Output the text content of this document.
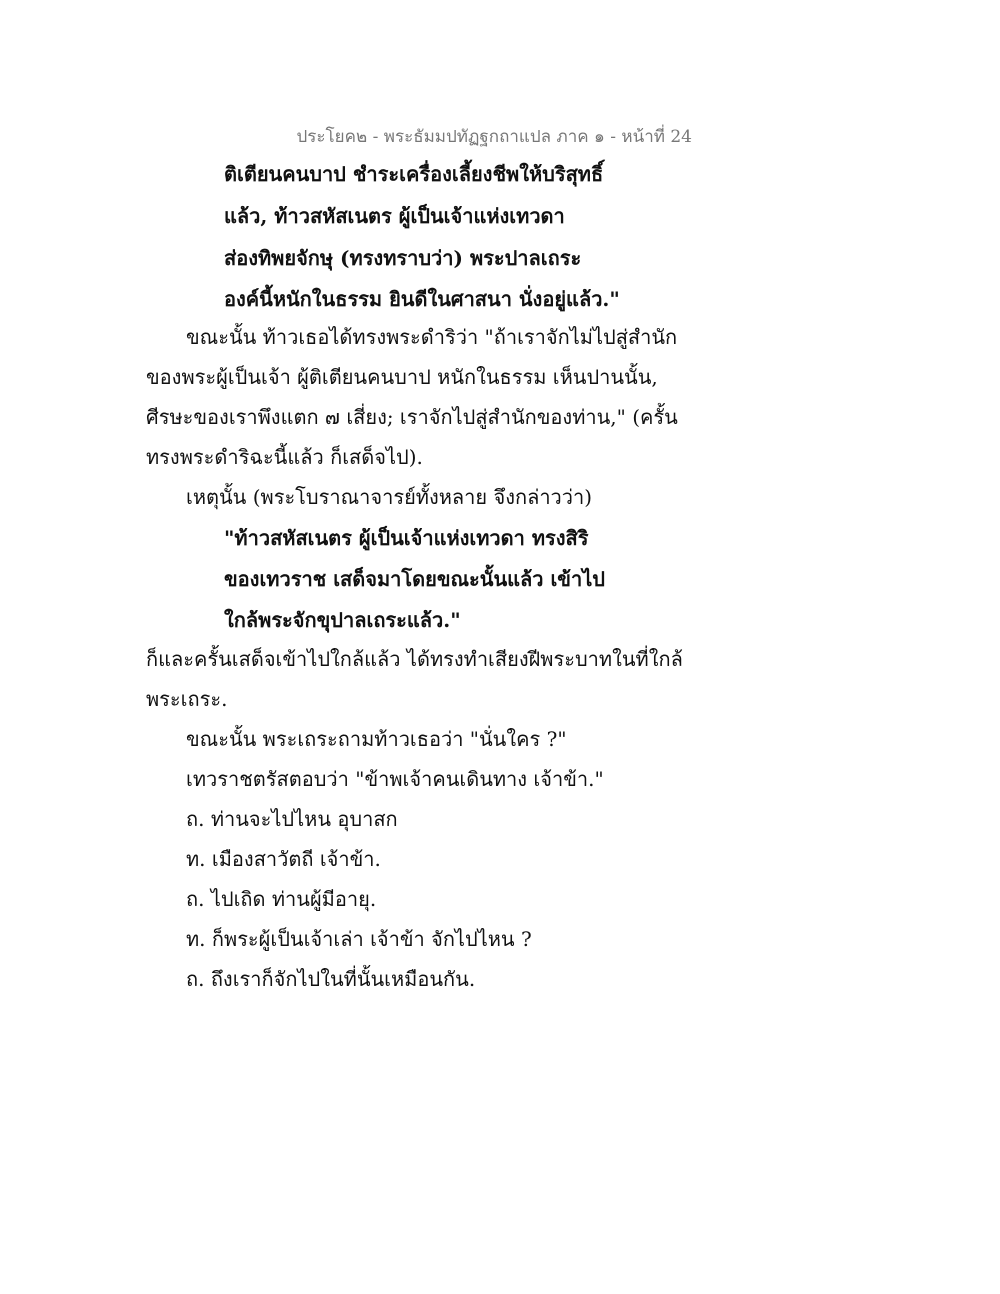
ประโยค๒ - พระธัมมปทัฏฐกถาแปล ภาค ๑ - หน้าที่ 24
ติเตียนคนบาป ชำระเครื่องเลี้ยงชีพให้บริสุทธิ์
แล้ว, ท้าวสหัสเนตร ผู้เป็นเจ้าแห่งเทวดา
ส่องทิพยจักษุ (ทรงทราบว่า) พระปาลเถระ
องค์นี้หนักในธรรม ยินดีในศาสนา นั่งอยู่แล้ว."
ขณะนั้น ท้าวเธอได้ทรงพระดำริว่า "ถ้าเราจักไม่ไปสู่สำนัก
ของพระผู้เป็นเจ้า ผู้ติเตียนคนบาป หนักในธรรม เห็นปานนั้น,
ศีรษะของเราพึงแตก ๗ เสี่ยง; เราจักไปสู่สำนักของท่าน," (ครั้น
ทรงพระดำริฉะนี้แล้ว ก็เสด็จไป).
เหตุนั้น (พระโบราณาจารย์ทั้งหลาย จึงกล่าวว่า)
"ท้าวสหัสเนตร ผู้เป็นเจ้าแห่งเทวดา ทรงสิริ
ของเทวราช เสด็จมาโดยขณะนั้นแล้ว เข้าไป
ใกล้พระจักขุปาลเถระแล้ว."
ก็และครั้นเสด็จเข้าไปใกล้แล้ว ได้ทรงทำเสียงฝีพระบาทในที่ใกล้
พระเถระ.
ขณะนั้น พระเถระถามท้าวเธอว่า "นั่นใคร ?"
เทวราชตรัสตอบว่า "ข้าพเจ้าคนเดินทาง เจ้าข้า."
ถ. ท่านจะไปไหน อุบาสก
ท. เมืองสาวัตถี เจ้าข้า.
ถ. ไปเถิด ท่านผู้มีอายุ.
ท. ก็พระผู้เป็นเจ้าเล่า เจ้าข้า จักไปไหน ?
ถ. ถึงเราก็จักไปในที่นั้นเหมือนกัน.
